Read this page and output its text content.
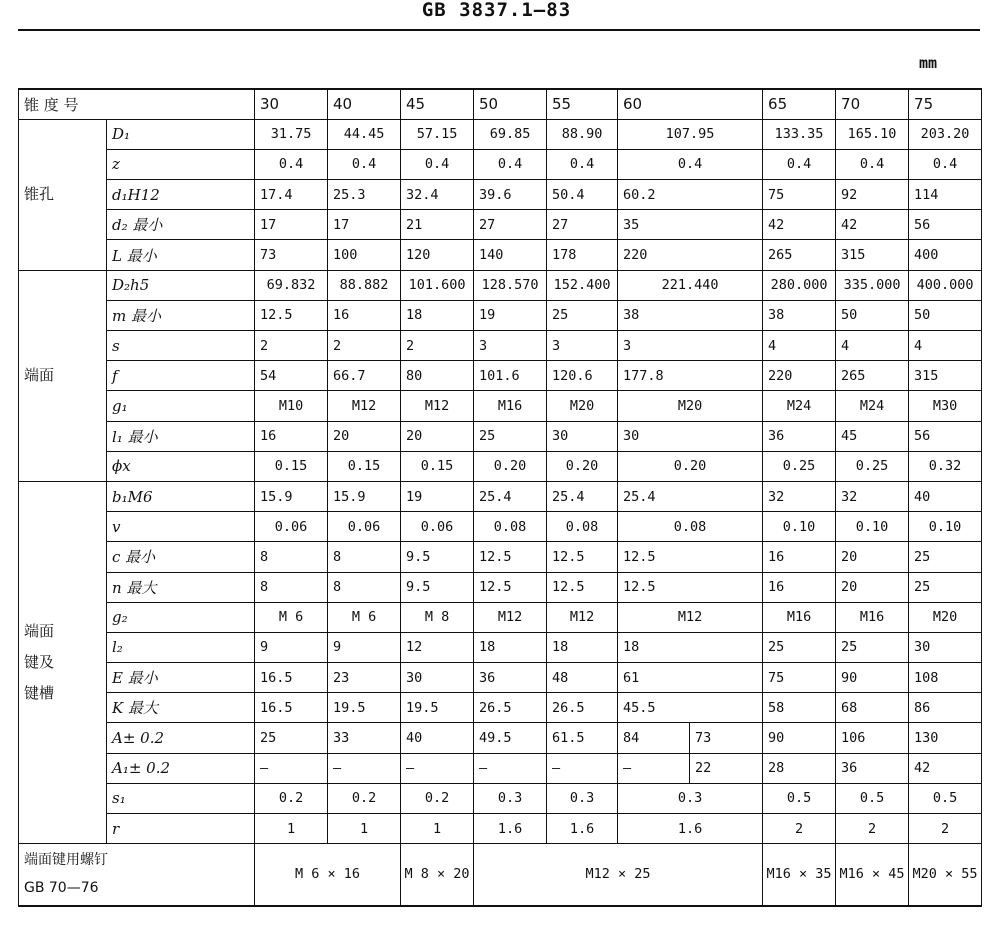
GB 3837.1—83
mm
锥 度 号		30	40	45	50	55	60		65	70	75	
锥孔	D₁	31.75	44.45	57.15	69.85	88.90	107.95		133.35	165.10	203.20	
	z	0.4	0.4	0.4	0.4	0.4	0.4		0.4	0.4	0.4	
	d₁H12	17.4	25.3	32.4	39.6	50.4	60.2		75	92	114	
	d₂ 最小	17	17	21	27	27	35		42	42	56	
	L 最小	73	100	120	140	178	220		265	315	400	
端面	D₂h5	69.832	88.882	101.600	128.570	152.400	221.440		280.000	335.000	400.000	
	m 最小	12.5	16	18	19	25	38		38	50	50	
	s	2	2	2	3	3	3		4	4	4	
	f	54	66.7	80	101.6	120.6	177.8		220	265	315	
	g₁	M10	M12	M12	M16	M20	M20		M24	M24	M30	
	l₁ 最小	16	20	20	25	30	30		36	45	56	
	ϕx	0.15	0.15	0.15	0.20	0.20	0.20		0.25	0.25	0.32	

端面
键及
键槽	b₁M6	15.9	15.9	19	25.4	25.4	25.4		32	32	40	
	v	0.06	0.06	0.06	0.08	0.08	0.08		0.10	0.10	0.10	
	c 最小	8	8	9.5	12.5	12.5	12.5		16	20	25	
	n 最大	8	8	9.5	12.5	12.5	12.5		16	20	25	
	g₂	M 6	M 6	M 8	M12	M12	M12		M16	M16	M20	
	l₂	9	9	12	18	18	18		25	25	30	
	E 最小	16.5	23	30	36	48	61		75	90	108	
	K 最大	16.5	19.5	19.5	26.5	26.5	45.5		58	68	86	
	A± 0.2	25	33	40	49.5	61.5	84	73	90	106	130	
	A₁± 0.2	—	—	—	—	—	—	22	28	36	42	
	s₁	0.2	0.2	0.2	0.3	0.3	0.3		0.5	0.5	0.5	
	r	1	1	1	1.6	1.6	1.6		2	2	2	

端面键用螺钉
GB 70—76		M 6 × 16		M 8 × 20	M12 × 25				M16 × 35	M16 × 45	M20 × 55	
